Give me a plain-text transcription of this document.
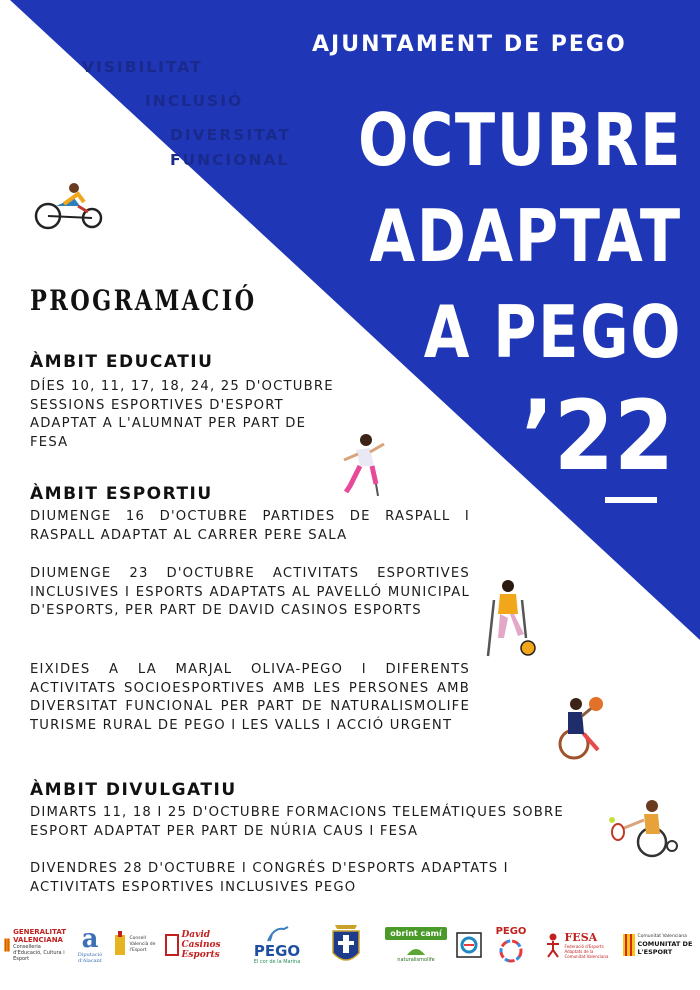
AJUNTAMENT DE PEGO
VISIBILITAT
INCLUSIÓ
DIVERSITAT
FUNCIONAL OCTUBRE
ADAPTAT
A PEGO
’22
PROGRAMACIÓ
ÀMBIT EDUCATIU
DÍES 10, 11, 17, 18, 24, 25 D'OCTUBRE SESSIONS ESPORTIVES D'ESPORT ADAPTAT A L'ALUMNAT PER PART DE FESA
ÀMBIT ESPORTIU
DIUMENGE 16 D'OCTUBRE PARTIDES DE RASPALL I RASPALL ADAPTAT AL CARRER PERE SALA
DIUMENGE 23 D'OCTUBRE ACTIVITATS ESPORTIVES INCLUSIVES I ESPORTS ADAPTATS AL PAVELLÓ MUNICIPAL D'ESPORTS, PER PART DE DAVID CASINOS ESPORTS
EIXIDES A LA MARJAL OLIVA-PEGO I DIFERENTS ACTIVITATS SOCIOESPORTIVES AMB LES PERSONES AMB DIVERSITAT FUNCIONAL PER PART DE NATURALISMOLIFE TURISME RURAL DE PEGO I LES VALLS I ACCIÓ URGENT
ÀMBIT DIVULGATIU
DIMARTS 11, 18 I 25 D'OCTUBRE FORMACIONS TELEMÁTIQUES SOBRE ESPORT ADAPTAT PER PART DE NÚRIA CAUS I FESA
DIVENDRES 28 D'OCTUBRE I CONGRÉS D'ESPORTS ADAPTATS I ACTIVITATS ESPORTIVES INCLUSIVES PEGO
GENERALITAT VALENCIANA
Conselleria d'Educació, Cultura i Esport
a
Diputació d'Alacant
Consell Valencià de l'Esport
David Casinos Esports	PEGO
El cor de la Marina
obrint camí
naturalismolife
PEGO	FESA
Federació d'Esports Adaptats de la Comunitat Valenciana
Comunitat Valenciana
COMUNITAT DE L'ESPORT
